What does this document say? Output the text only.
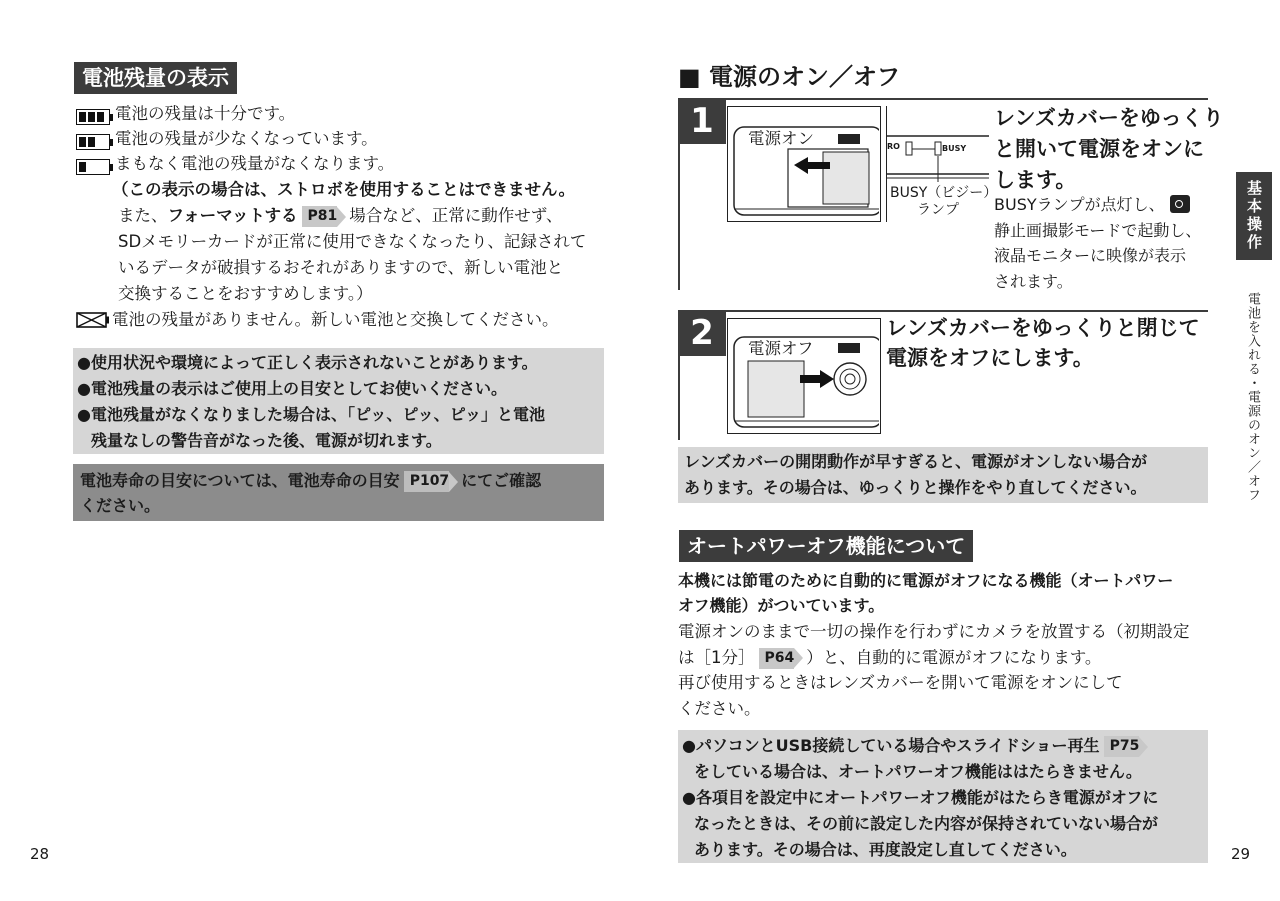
電池残量の表示
電池の残量は十分です。
電池の残量が少なくなっています。
まもなく電池の残量がなくなります。
（この表示の場合は、ストロボを使用することはできません。
また、フォーマットする P81 場合など、正常に動作せず、
SDメモリーカードが正常に使用できなくなったり、記録されて
いるデータが破損するおそれがありますので、新しい電池と
交換することをおすすめします。）
電池の残量がありません。新しい電池と交換してください。
●使用状況や環境によって正しく表示されないことがあります。
●電池残量の表示はご使用上の目安としてお使いください。
●電池残量がなくなりました場合は、「ピッ、ピッ、ピッ」と電池
残量なしの警告音がなった後、電源が切れます。
電池寿命の目安については、電池寿命の目安 P107 にてご確認
ください。
28
■ 電源のオン／オフ
1	電源オン	RO	BUSY
BUSY（ビジー）
ランプ
レンズカバーをゆっくり
と開いて電源をオンに
します。
BUSYランプが点灯し、
静止画撮影モードで起動し、
液晶モニターに映像が表示
されます。
2	電源オフ
レンズカバーをゆっくりと閉じて
電源をオフにします。
レンズカバーの開閉動作が早すぎると、電源がオンしない場合が
あります。その場合は、ゆっくりと操作をやり直してください。
オートパワーオフ機能について
本機には節電のために自動的に電源がオフになる機能（オートパワー
オフ機能）がついています。
電源オンのままで一切の操作を行わずにカメラを放置する（初期設定
は［1分］ P64 ）と、自動的に電源がオフになります。
再び使用するときはレンズカバーを開いて電源をオンにして
ください。
●パソコンとUSB接続している場合やスライドショー再生 P75
をしている場合は、オートパワーオフ機能ははたらきません。
●各項目を設定中にオートパワーオフ機能がはたらき電源がオフに
なったときは、その前に設定した内容が保持されていない場合が
あります。その場合は、再度設定し直してください。
基本操作編
電池を入れる・電源のオン／オフ
29
